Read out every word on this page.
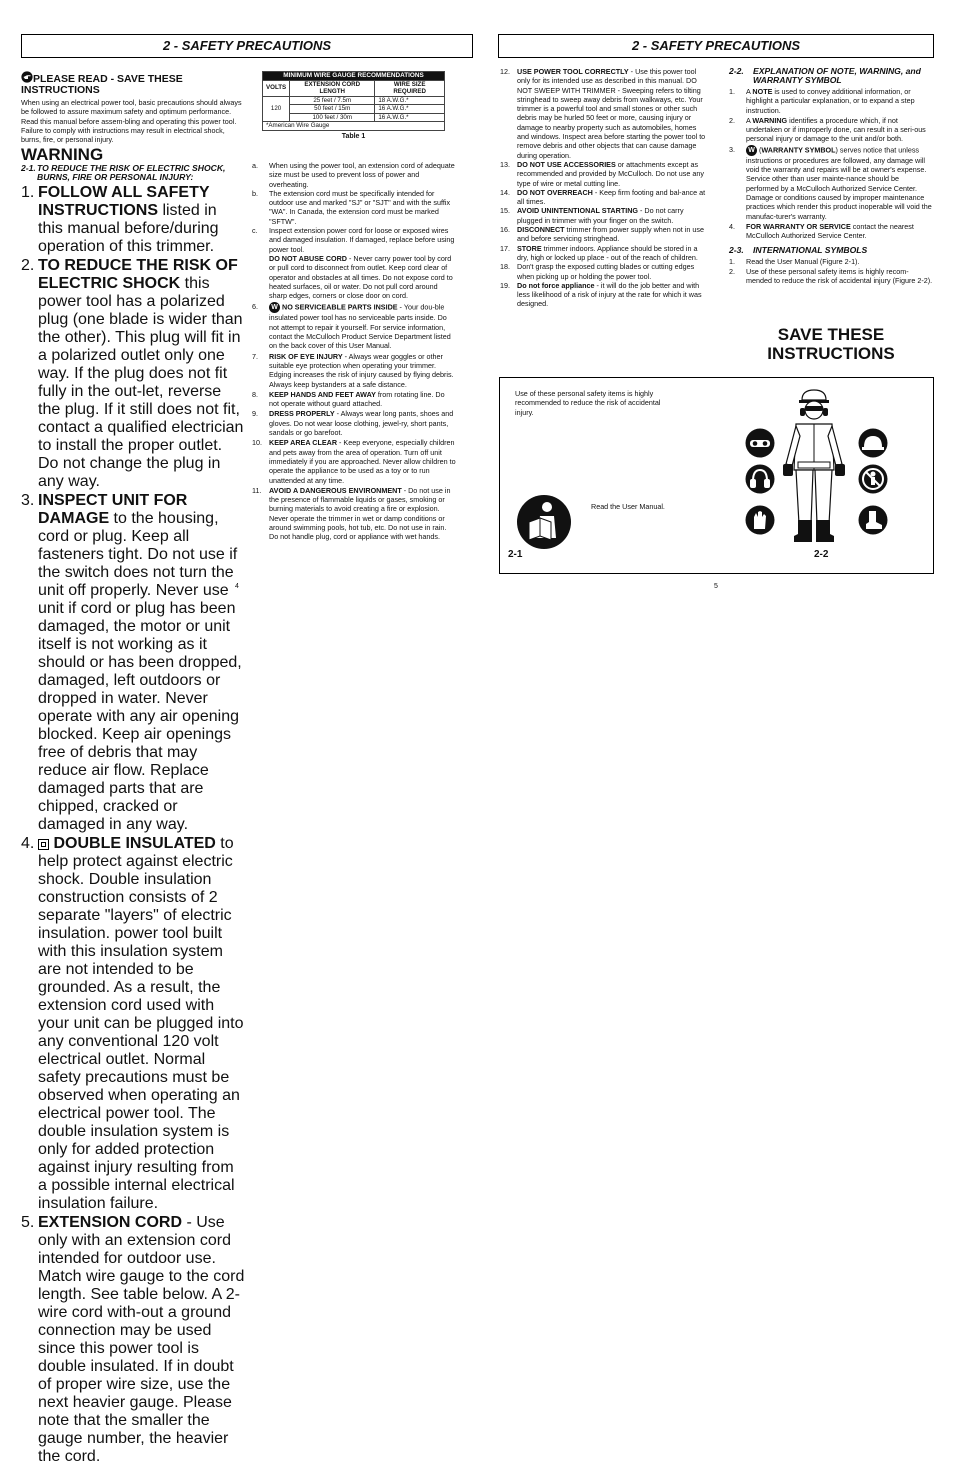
2 - SAFETY PRECAUTIONS
PLEASE READ - SAVE THESE
INSTRUCTIONS
When using an electrical power tool, basic precautions should always be followed to assure maximum safety and optimum performance. Read this manual before assem-bling and operating this power tool. Failure to comply with instructions may result in electrical shock, burns, fire, or personal injury.
WARNING
2-1. TO REDUCE THE RISK OF ELECTRIC SHOCK, BURNS, FIRE OR PERSONAL INJURY:
1. FOLLOW ALL SAFETY INSTRUCTIONS listed in this manual before/during operation of this trimmer.
2. TO REDUCE THE RISK OF ELECTRIC SHOCK this power tool has a polarized plug (one blade is wider than the other). This plug will fit in a polarized outlet only one way. If the plug does not fit fully in the out-let, reverse the plug. If it still does not fit, contact a qualified electrician to install the proper outlet. Do not change the plug in any way.
3. INSPECT UNIT FOR DAMAGE to the housing, cord or plug. Keep all fasteners tight. Do not use if the switch does not turn the unit off properly. Never use unit if cord or plug has been damaged, the motor or unit itself is not working as it should or has been dropped, damaged, left outdoors or dropped in water. Never operate with any air opening blocked. Keep air openings free of debris that may reduce air flow. Replace damaged parts that are chipped, cracked or damaged in any way.
4. DOUBLE INSULATED to help protect against electric shock. Double insulation construction consists of 2 separate "layers" of electric insulation. power tool built with this insulation system are not intended to be grounded. As a result, the extension cord used with your unit can be plugged into any conventional 120 volt electrical outlet. Normal safety precautions must be observed when operating an electrical power tool. The double insulation system is only for added protection against injury resulting from a possible internal electrical insulation failure.
5. EXTENSION CORD - Use only with an extension cord intended for outdoor use. Match wire gauge to the cord length. See table below. A 2-wire cord with-out a ground connection may be used since this power tool is double insulated. If in doubt of proper wire size, use the next heavier gauge. Please note that the smaller the gauge number, the heavier the cord.
MINIMUM WIRE GAUGE RECOMMENDATIONS		
VOLTS	EXTENSION CORD LENGTH	WIRE SIZE REQUIRED
120	25 feet / 7.5m	18 A.W.G.*
	50 feet / 15m	16 A.W.G.*
	100 feet / 30m	16 A.W.G.*
*American Wire Gauge		
Table 1
a. When using the power tool, an extension cord of adequate size must be used to prevent loss of power and overheating.
b. The extension cord must be specifically intended for outdoor use and marked "SJ" or "SJT" and with the suffix "WA". In Canada, the extension cord must be marked "SFTW".
c. Inspect extension power cord for loose or exposed wires and damaged insulation. If damaged, replace before using power tool.
DO NOT ABUSE CORD - Never carry power tool by cord or pull cord to disconnect from outlet. Keep cord clear of operator and obstacles at all times. Do not expose cord to heated surfaces, oil or water. Do not pull cord around sharp edges, corners or close door on cord.
6. W NO SERVICEABLE PARTS INSIDE - Your dou-ble insulated power tool has no serviceable parts inside. Do not attempt to repair it yourself. For service information, contact the McCulloch Product Service Department listed on the back cover of this User Manual.
7. RISK OF EYE INJURY - Always wear goggles or other suitable eye protection when operating your trimmer. Edging increases the risk of injury caused by flying debris. Always keep bystanders at a safe distance.
8. KEEP HANDS AND FEET AWAY from rotating line. Do not operate without guard attached.
9. DRESS PROPERLY - Always wear long pants, shoes and gloves. Do not wear loose clothing, jewel-ry, short pants, sandals or go barefoot.
10. KEEP AREA CLEAR - Keep everyone, especially children and pets away from the area of operation. Turn off unit immediately if you are approached. Never allow children to operate the appliance to be used as a toy or to run unattended at any time.
11. AVOID A DANGEROUS ENVIRONMENT - Do not use in the presence of flammable liquids or gases, smoking or burning materials to avoid creating a fire or explosion. Never operate the trimmer in wet or damp conditions or around swimming pools, hot tub, etc. Do not use in rain. Do not handle plug, cord or appliance with wet hands.
4
2 - SAFETY PRECAUTIONS
12. USE POWER TOOL CORRECTLY - Use this power tool only for its intended use as described in this manual. DO NOT SWEEP WITH TRIMMER - Sweeping refers to tilting stringhead to sweep away debris from walkways, etc. Your trimmer is a powerful tool and small stones or other such debris may be hurled 50 feet or more, causing injury or damage to nearby property such as automobiles, homes and windows. Inspect area before starting the power tool to remove debris and other objects that can cause damage during operation.
13. DO NOT USE ACCESSORIES or attachments except as recommended and provided by McCulloch. Do not use any type of wire or metal cutting line.
14. DO NOT OVERREACH - Keep firm footing and bal-ance at all times.
15. AVOID UNINTENTIONAL STARTING - Do not carry plugged in trimmer with your finger on the switch.
16. DISCONNECT trimmer from power supply when not in use and before servicing stringhead.
17. STORE trimmer indoors. Appliance should be stored in a dry, high or locked up place - out of the reach of children.
18. Don't grasp the exposed cutting blades or cutting edges when picking up or holding the power tool.
19. Do not force appliance - it will do the job better and with less likelihood of a risk of injury at the rate for which it was designed.
2-2. EXPLANATION OF NOTE, WARNING, and WARRANTY SYMBOL
1. A NOTE is used to convey additional information, or highlight a particular explanation, or to expand a step instruction.
2. A WARNING identifies a procedure which, if not undertaken or if improperly done, can result in a seri-ous personal injury or damage to the unit and/or both.
3. W (WARRANTY SYMBOL) serves notice that unless instructions or procedures are followed, any damage will void the warranty and repairs will be at owner's expense. Service other than user mainte-nance should be performed by a McCulloch Authorized Service Center. Damage or conditions caused by improper maintenance practices which render this product inoperable will void the manufac-turer's warranty.
4. FOR WARRANTY OR SERVICE contact the nearest McCulloch Authorized Service Center.
2-3. INTERNATIONAL SYMBOLS
1. Read the User Manual (Figure 2-1).
2. Use of these personal safety items is highly recom-mended to reduce the risk of accidental injury (Figure 2-2).
SAVE THESE
INSTRUCTIONS
Use of these personal safety items is highly recommended to reduce the risk of accidental injury.
Read the User Manual.
2-1	2-2
5
